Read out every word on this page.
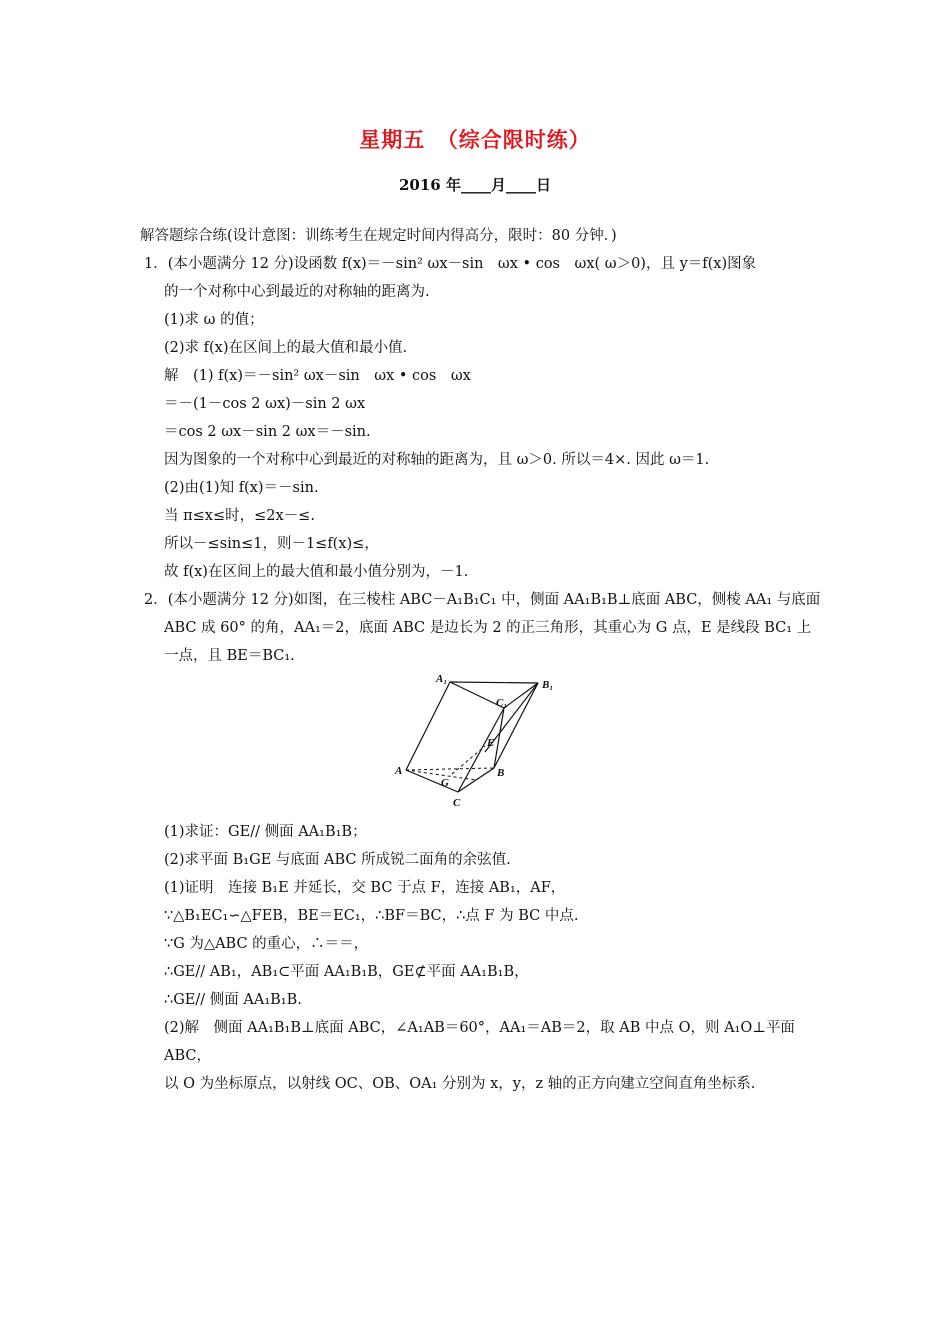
星期五　（综合限时练）
2016 年____月____日
解答题综合练(设计意图：训练考生在规定时间内得高分，限时：80 分钟．)
1．(本小题满分 12 分)设函数 f(x)＝－sin² ωx－sin　ωx • cos　ωx( ω＞0)，且 y＝f(x)图象
的一个对称中心到最近的对称轴的距离为.
(1)求 ω 的值；
(2)求 f(x)在区间上的最大值和最小值.
解　(1) f(x)＝－sin² ωx－sin　ωx • cos　ωx
＝－(1－cos 2 ωx)－sin 2 ωx
＝cos 2 ωx－sin 2 ωx＝－sin.
因为图象的一个对称中心到最近的对称轴的距离为，且 ω＞0. 所以＝4×. 因此 ω＝1.
(2)由(1)知 f(x)＝－sin.
当 π≤x≤时，≤2x－≤.
所以－≤sin≤1，则－1≤f(x)≤，
故 f(x)在区间上的最大值和最小值分别为，－1.
2．(本小题满分 12 分)如图，在三棱柱 ABC－A₁B₁C₁ 中，侧面 AA₁B₁B⊥底面 ABC，侧棱 AA₁ 与底面
ABC 成 60° 的角，AA₁＝2，底面 ABC 是边长为 2 的正三角形，其重心为 G 点，E 是线段 BC₁ 上
一点，且 BE＝BC₁.
A₁	B₁
C₁
A	B
C
E
G
(1)求证：GE// 侧面 AA₁B₁B；
(2)求平面 B₁GE 与底面 ABC 所成锐二面角的余弦值.
(1)证明　连接 B₁E 并延长，交 BC 于点 F，连接 AB₁，AF，
∵△B₁EC₁∽△FEB，BE＝EC₁，∴BF＝BC，∴点 F 为 BC 中点.
∵G 为△ABC 的重心，∴＝＝，
∴GE// AB₁，AB₁⊂平面 AA₁B₁B，GE⊄平面 AA₁B₁B，
∴GE// 侧面 AA₁B₁B.
(2)解　侧面 AA₁B₁B⊥底面 ABC，∠A₁AB＝60°，AA₁＝AB＝2，取 AB 中点 O，则 A₁O⊥平面
ABC，
以 O 为坐标原点，以射线 OC、OB、OA₁ 分别为 x，y，z 轴的正方向建立空间直角坐标系.
